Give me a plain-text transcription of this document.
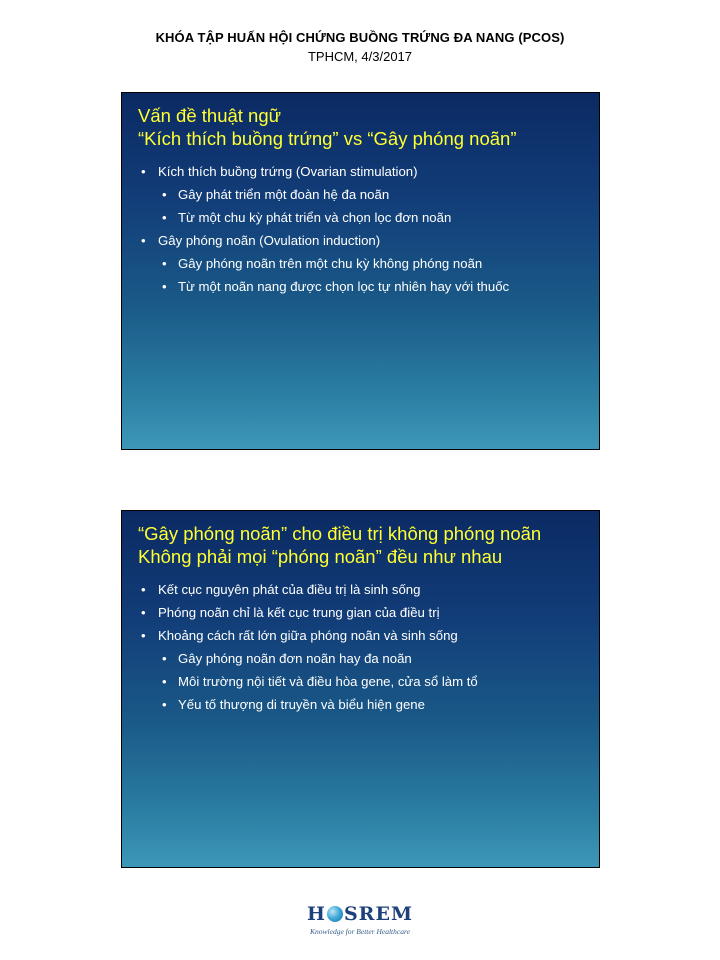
KHÓA TẬP HUẤN HỘI CHỨNG BUỒNG TRỨNG ĐA NANG (PCOS)
TPHCM, 4/3/2017
Vấn đề thuật ngữ
“Kích thích buồng trứng” vs “Gây phóng noãn”
• Kích thích buồng trứng (Ovarian stimulation)
• Gây phát triển một đoàn hệ đa noãn
• Từ một chu kỳ phát triển và chọn lọc đơn noãn
• Gây phóng noãn (Ovulation induction)
• Gây phóng noãn trên một chu kỳ không phóng noãn
• Từ một noãn nang được chọn lọc tự nhiên hay với thuốc
“Gây phóng noãn” cho điều trị không phóng noãn
Không phải mọi “phóng noãn” đều như nhau
• Kết cục nguyên phát của điều trị là sinh sống
• Phóng noãn chỉ là kết cục trung gian của điều trị
• Khoảng cách rất lớn giữa phóng noãn và sinh sống
• Gây phóng noãn đơn noãn hay đa noãn
• Môi trường nội tiết và điều hòa gene, cửa sổ làm tổ
• Yếu tố thượng di truyền và biểu hiện gene
H SREM
Knowledge for Better Healthcare
